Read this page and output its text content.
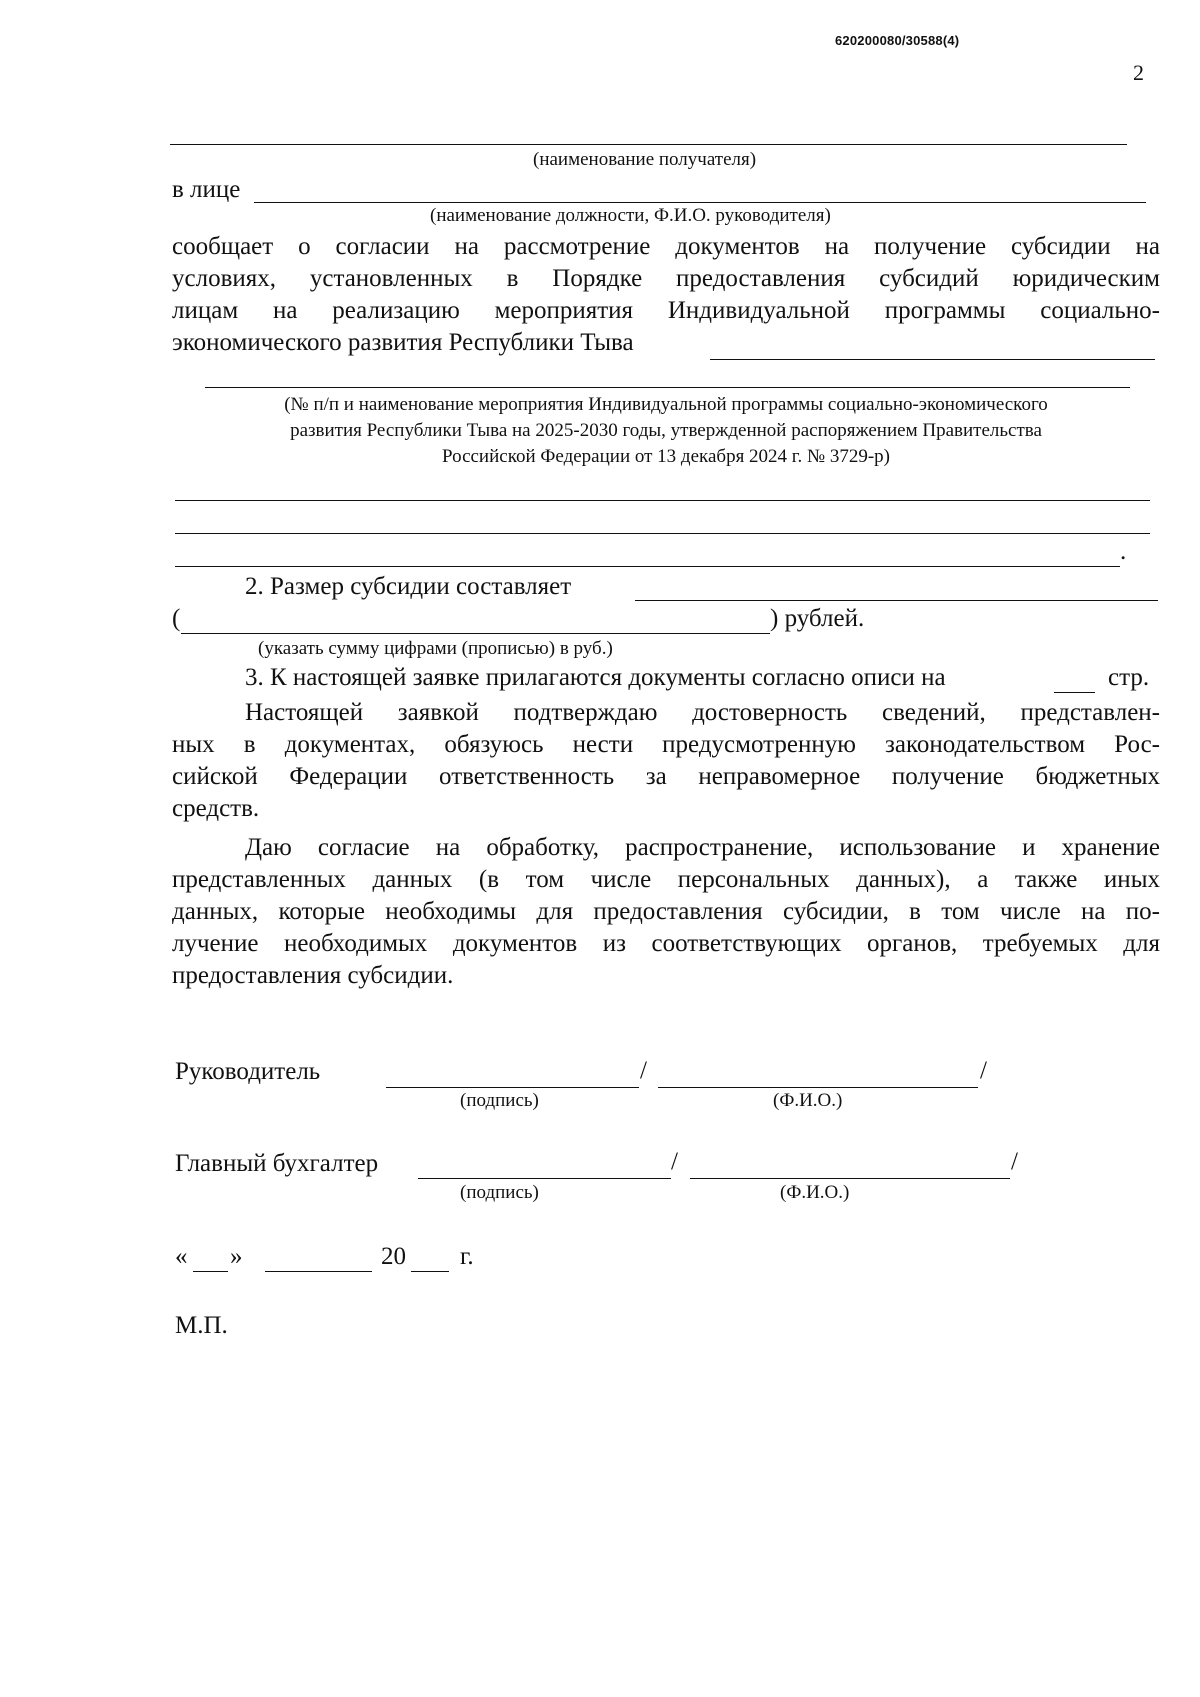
620200080/30588(4)
2
(наименование получателя)
в лице
(наименование должности, Ф.И.О. руководителя)
сообщает о согласии на рассмотрение документов на получение субсидии на
условиях, установленных в Порядке предоставления субсидий юридическим
лицам на реализацию мероприятия Индивидуальной программы социально-
экономического развития Республики Тыва
(№ п/п и наименование мероприятия Индивидуальной программы социально-экономического
развития Республики Тыва на 2025-2030 годы, утвержденной распоряжением Правительства
Российской Федерации от 13 декабря 2024 г. № 3729-р)
.
2. Размер субсидии составляет
(	) рублей.
(указать сумму цифрами (прописью) в руб.)
3. К настоящей заявке прилагаются документы согласно описи на	стр.
Настоящей заявкой подтверждаю достоверность сведений, представлен-
ных в документах, обязуюсь нести предусмотренную законодательством Рос-
сийской Федерации ответственность за неправомерное получение бюджетных
средств.
Даю согласие на обработку, распространение, использование и хранение
представленных данных (в том числе персональных данных), а также иных
данных, которые необходимы для предоставления субсидии, в том числе на по-
лучение необходимых документов из соответствующих органов, требуемых для
предоставления субсидии.
Руководитель	/	/
(подпись)	(Ф.И.О.)
Главный бухгалтер	/	/
(подпись)	(Ф.И.О.)
« »	20 г.
М.П.
